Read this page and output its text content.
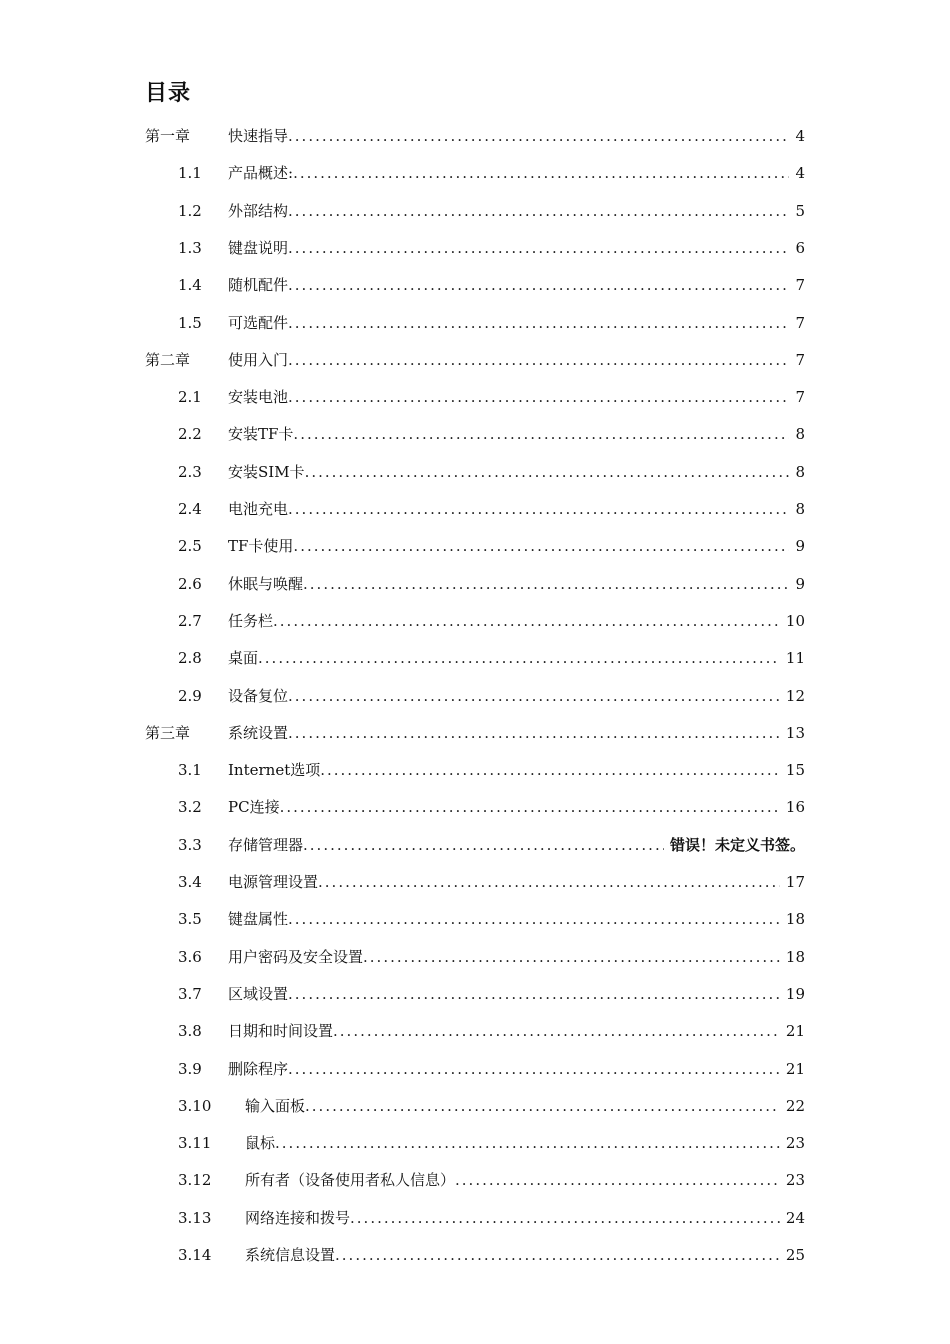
目录
第一章	快速指导 .....	4
1.1 产品概述: .....	4
1.2 外部结构 .....	5
1.3 键盘说明 .....	6
1.4 随机配件 .....	7
1.5 可选配件 .....	7
第二章	使用入门 .....	7
2.1 安装电池 .....	7
2.2 安装TF卡 .....	8
2.3 安装SIM卡 .....	8
2.4 电池充电 .....	8
2.5 TF卡使用 .....	9
2.6 休眠与唤醒 .....	9
2.7 任务栏 .....	10
2.8 桌面 .....	11
2.9 设备复位 .....	12
第三章	系统设置 .....	13
3.1 Internet选项 .....	15
3.2 PC连接 .....	16
3.3 存储管理器 .....	错误！未定义书签。
3.4 电源管理设置 .....	17
3.5 键盘属性 .....	18
3.6 用户密码及安全设置 .....	18
3.7 区域设置 .....	19
3.8 日期和时间设置 .....	21
3.9 删除程序 .....	21
3.10 输入面板 .....	22
3.11 鼠标 .....	23
3.12 所有者（设备使用者私人信息） .....	23
3.13 网络连接和拨号 .....	24
3.14 系统信息设置 .....	25
